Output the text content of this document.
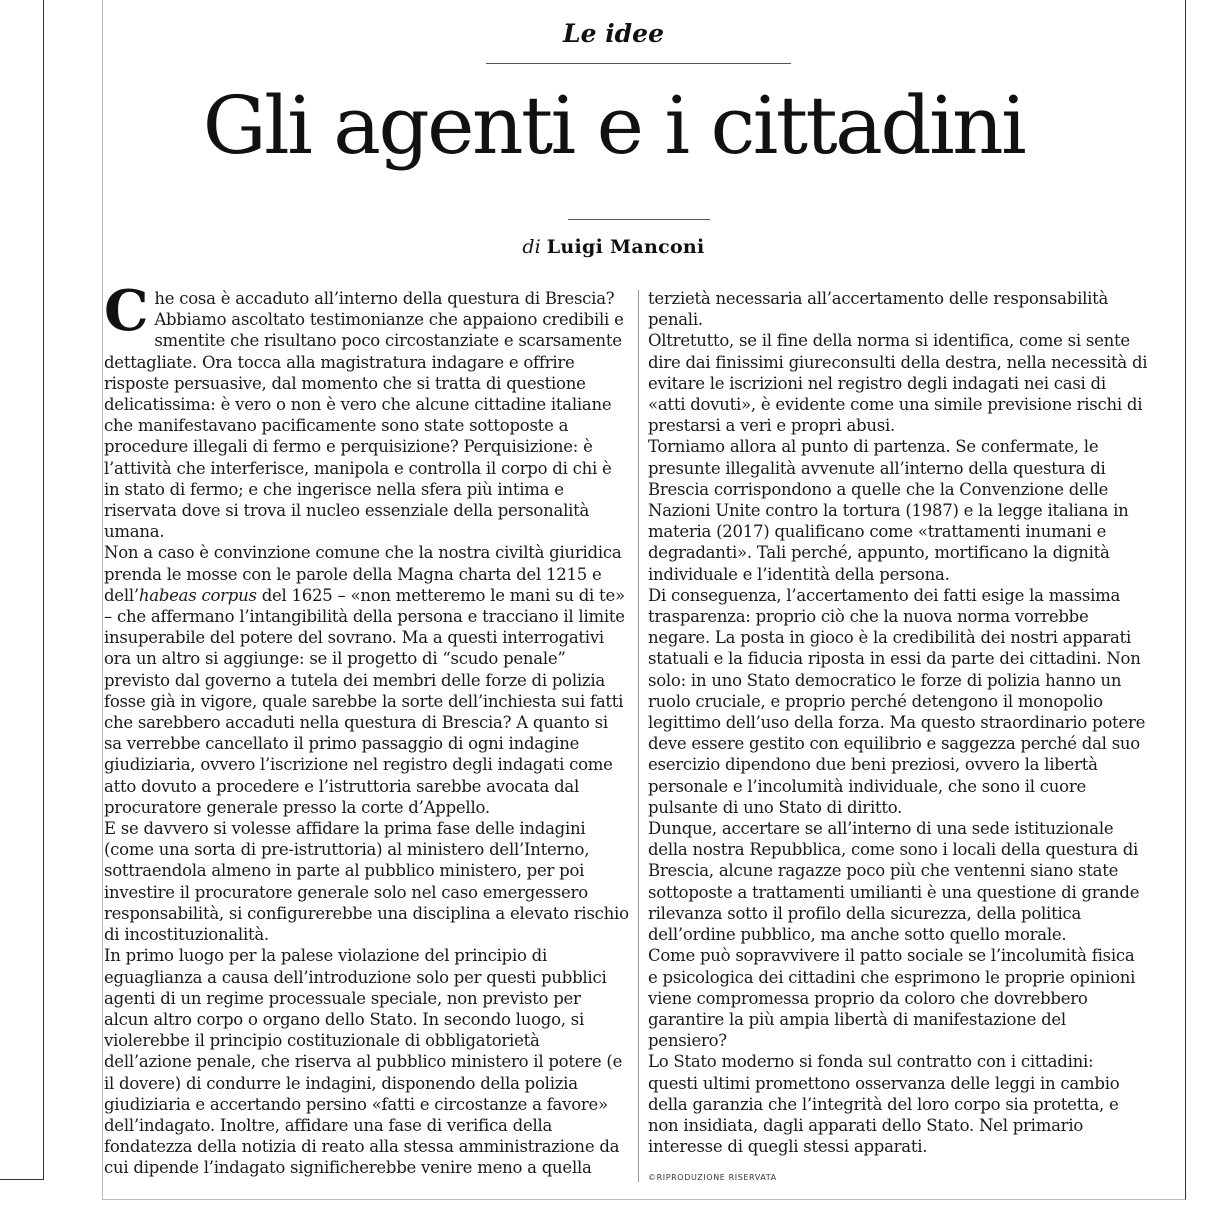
Le idee
Gli agenti e i cittadini
di Luigi Manconi

Che cosa è accaduto all’interno della questura di Brescia? Abbiamo ascoltato testimonianze che appaiono credibili e smentite che risultano poco circostanziate e scarsamente dettagliate. Ora tocca alla magistratura indagare e offrire risposte persuasive, dal momento che si tratta di questione delicatissima: è vero o non è vero che alcune cittadine italiane che manifestavano pacificamente sono state sottoposte a procedure illegali di fermo e perquisizione? Perquisizione: è l’attività che interferisce, manipola e controlla il corpo di chi è in stato di fermo; e che ingerisce nella sfera più intima e riservata dove si trova il nucleo essenziale della personalità umana.

Non a caso è convinzione comune che la nostra civiltà giuridica prenda le mosse con le parole della Magna charta del 1215 e dell’habeas corpus del 1625 – «non metteremo le mani su di te» – che affermano l’intangibilità della persona e tracciano il limite insuperabile del potere del sovrano. Ma a questi interrogativi ora un altro si aggiunge: se il progetto di “scudo penale” previsto dal governo a tutela dei membri delle forze di polizia fosse già in vigore, quale sarebbe la sorte dell’inchiesta sui fatti che sarebbero accaduti nella questura di Brescia? A quanto si sa verrebbe cancellato il primo passaggio di ogni indagine giudiziaria, ovvero l’iscrizione nel registro degli indagati come atto dovuto a procedere e l’istruttoria sarebbe avocata dal procuratore generale presso la corte d’Appello.

E se davvero si volesse affidare la prima fase delle indagini (come una sorta di pre-istruttoria) al ministero dell’Interno, sottraendola almeno in parte al pubblico ministero, per poi investire il procuratore generale solo nel caso emergessero responsabilità, si configurerebbe una disciplina a elevato rischio di incostituzionalità.

In primo luogo per la palese violazione del principio di eguaglianza a causa dell’introduzione solo per questi pubblici agenti di un regime processuale speciale, non previsto per alcun altro corpo o organo dello Stato. In secondo luogo, si violerebbe il principio costituzionale di obbligatorietà dell’azione penale, che riserva al pubblico ministero il potere (e il dovere) di condurre le indagini, disponendo della polizia giudiziaria e accertando persino «fatti e circostanze a favore» dell’indagato. Inoltre, affidare una fase di verifica della fondatezza della notizia di reato alla stessa amministrazione da cui dipende l’indagato significherebbe venire meno a quella

terzietà necessaria all’accertamento delle responsabilità penali.

Oltretutto, se il fine della norma si identifica, come si sente dire dai finissimi giureconsulti della destra, nella necessità di evitare le iscrizioni nel registro degli indagati nei casi di «atti dovuti», è evidente come una simile previsione rischi di prestarsi a veri e propri abusi.

Torniamo allora al punto di partenza. Se confermate, le presunte illegalità avvenute all’interno della questura di Brescia corrispondono a quelle che la Convenzione delle Nazioni Unite contro la tortura (1987) e la legge italiana in materia (2017) qualificano come «trattamenti inumani e degradanti». Tali perché, appunto, mortificano la dignità individuale e l’identità della persona.

Di conseguenza, l’accertamento dei fatti esige la massima trasparenza: proprio ciò che la nuova norma vorrebbe negare. La posta in gioco è la credibilità dei nostri apparati statuali e la fiducia riposta in essi da parte dei cittadini. Non solo: in uno Stato democratico le forze di polizia hanno un ruolo cruciale, e proprio perché detengono il monopolio legittimo dell’uso della forza. Ma questo straordinario potere deve essere gestito con equilibrio e saggezza perché dal suo esercizio dipendono due beni preziosi, ovvero la libertà personale e l’incolumità individuale, che sono il cuore pulsante di uno Stato di diritto.

Dunque, accertare se all’interno di una sede istituzionale della nostra Repubblica, come sono i locali della questura di Brescia, alcune ragazze poco più che ventenni siano state sottoposte a trattamenti umilianti è una questione di grande rilevanza sotto il profilo della sicurezza, della politica dell’ordine pubblico, ma anche sotto quello morale.

Come può sopravvivere il patto sociale se l’incolumità fisica e psicologica dei cittadini che esprimono le proprie opinioni viene compromessa proprio da coloro che dovrebbero garantire la più ampia libertà di manifestazione del pensiero?

Lo Stato moderno si fonda sul contratto con i cittadini: questi ultimi promettono osservanza delle leggi in cambio della garanzia che l’integrità del loro corpo sia protetta, e non insidiata, dagli apparati dello Stato. Nel primario interesse di quegli stessi apparati.

©RIPRODUZIONE RISERVATA
